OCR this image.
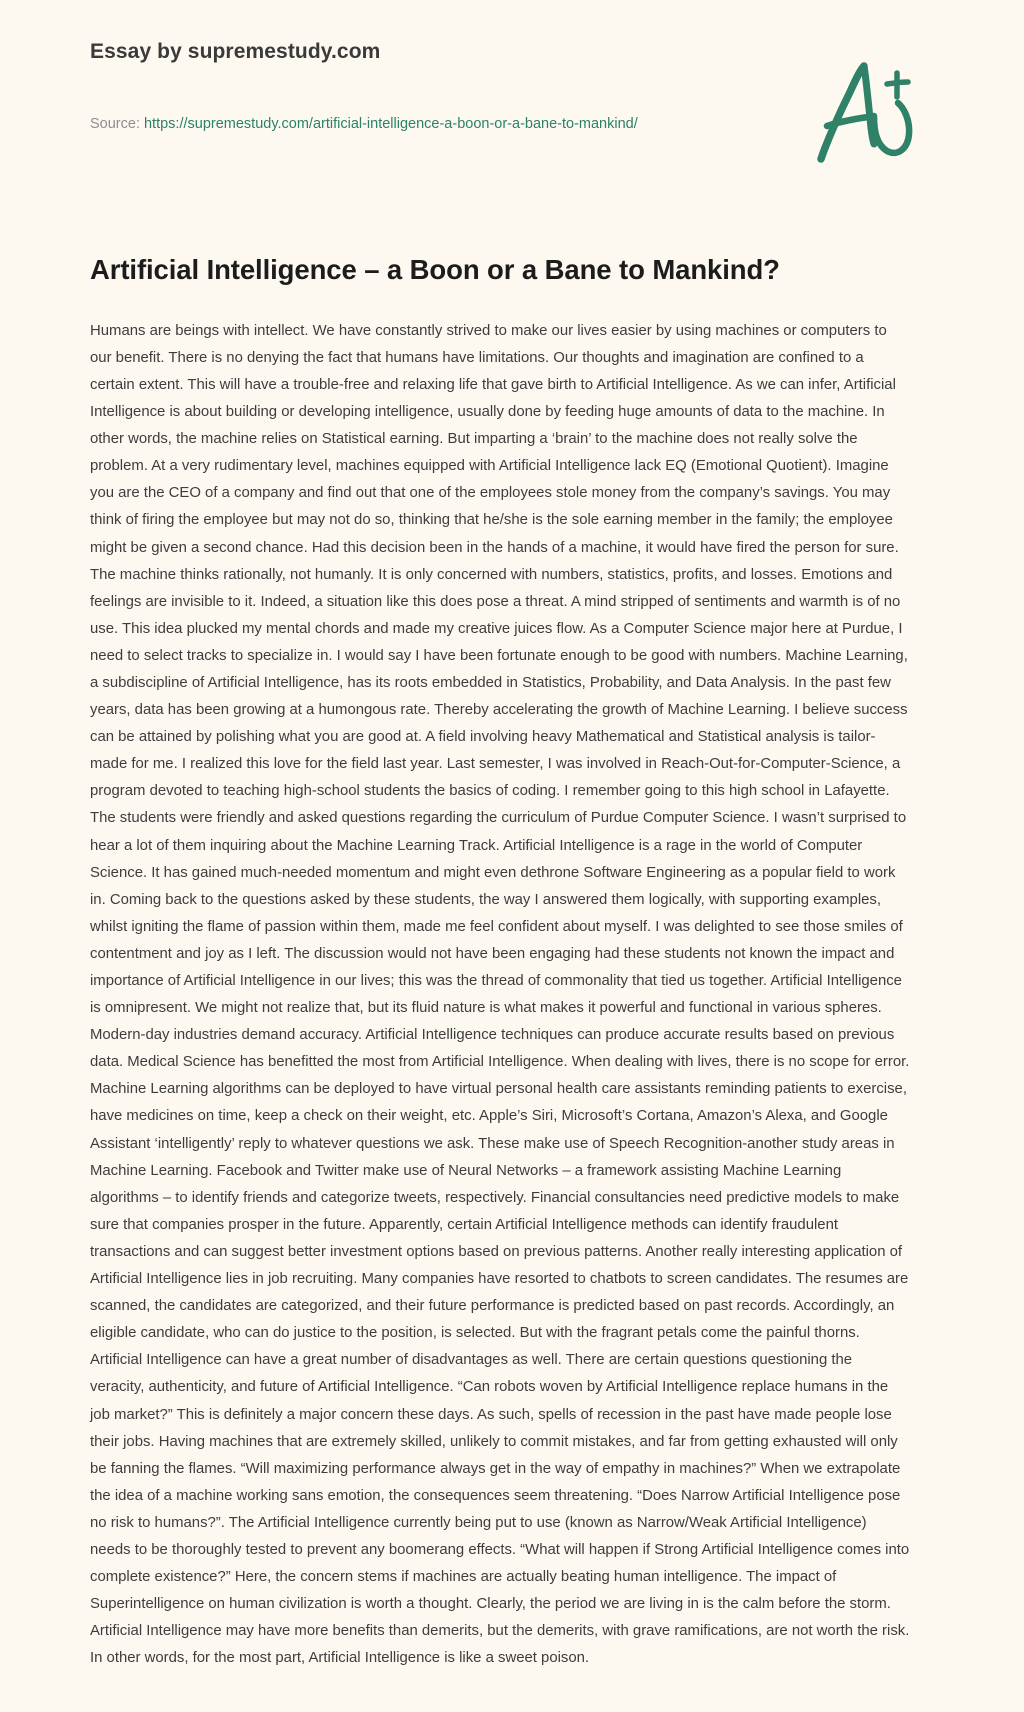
Essay by supremestudy.com
Source: https://supremestudy.com/artificial-intelligence-a-boon-or-a-bane-to-mankind/
Artificial Intelligence – a Boon or a Bane to Mankind?

Humans are beings with intellect. We have constantly strived to make our lives easier by using machines or computers to our benefit. There is no denying the fact that humans have limitations. Our thoughts and imagination are confined to a certain extent. This will have a trouble-free and relaxing life that gave birth to Artificial Intelligence. As we can infer, Artificial Intelligence is about building or developing intelligence, usually done by feeding huge amounts of data to the machine. In other words, the machine relies on Statistical earning. But imparting a ‘brain’ to the machine does not really solve the problem. At a very rudimentary level, machines equipped with Artificial Intelligence lack EQ (Emotional Quotient). Imagine you are the CEO of a company and find out that one of the employees stole money from the company’s savings. You may think of firing the employee but may not do so, thinking that he/she is the sole earning member in the family; the employee might be given a second chance. Had this decision been in the hands of a machine, it would have fired the person for sure. The machine thinks rationally, not humanly. It is only concerned with numbers, statistics, profits, and losses. Emotions and feelings are invisible to it. Indeed, a situation like this does pose a threat. A mind stripped of sentiments and warmth is of no use. This idea plucked my mental chords and made my creative juices flow. As a Computer Science major here at Purdue, I need to select tracks to specialize in. I would say I have been fortunate enough to be good with numbers. Machine Learning, a subdiscipline of Artificial Intelligence, has its roots embedded in Statistics, Probability, and Data Analysis. In the past few years, data has been growing at a humongous rate. Thereby accelerating the growth of Machine Learning. I believe success can be attained by polishing what you are good at. A field involving heavy Mathematical and Statistical analysis is tailor-made for me. I realized this love for the field last year. Last semester, I was involved in Reach-Out-for-Computer-Science, a program devoted to teaching high-school students the basics of coding. I remember going to this high school in Lafayette. The students were friendly and asked questions regarding the curriculum of Purdue Computer Science. I wasn’t surprised to hear a lot of them inquiring about the Machine Learning Track. Artificial Intelligence is a rage in the world of Computer Science. It has gained much-needed momentum and might even dethrone Software Engineering as a popular field to work in. Coming back to the questions asked by these students, the way I answered them logically, with supporting examples, whilst igniting the flame of passion within them, made me feel confident about myself. I was delighted to see those smiles of contentment and joy as I left. The discussion would not have been engaging had these students not known the impact and importance of Artificial Intelligence in our lives; this was the thread of commonality that tied us together. Artificial Intelligence is omnipresent. We might not realize that, but its fluid nature is what makes it powerful and functional in various spheres. Modern-day industries demand accuracy. Artificial Intelligence techniques can produce accurate results based on previous data. Medical Science has benefitted the most from Artificial Intelligence. When dealing with lives, there is no scope for error. Machine Learning algorithms can be deployed to have virtual personal health care assistants reminding patients to exercise, have medicines on time, keep a check on their weight, etc. Apple’s Siri, Microsoft’s Cortana, Amazon’s Alexa, and Google Assistant ‘intelligently’ reply to whatever questions we ask. These make use of Speech Recognition-another study areas in Machine Learning. Facebook and Twitter make use of Neural Networks – a framework assisting Machine Learning algorithms – to identify friends and categorize tweets, respectively. Financial consultancies need predictive models to make sure that companies prosper in the future. Apparently, certain Artificial Intelligence methods can identify fraudulent transactions and can suggest better investment options based on previous patterns. Another really interesting application of Artificial Intelligence lies in job recruiting. Many companies have resorted to chatbots to screen candidates. The resumes are scanned, the candidates are categorized, and their future performance is predicted based on past records. Accordingly, an eligible candidate, who can do justice to the position, is selected. But with the fragrant petals come the painful thorns. Artificial Intelligence can have a great number of disadvantages as well. There are certain questions questioning the veracity, authenticity, and future of Artificial Intelligence. “Can robots woven by Artificial Intelligence replace humans in the job market?” This is definitely a major concern these days. As such, spells of recession in the past have made people lose their jobs. Having machines that are extremely skilled, unlikely to commit mistakes, and far from getting exhausted will only be fanning the flames. “Will maximizing performance always get in the way of empathy in machines?” When we extrapolate the idea of a machine working sans emotion, the consequences seem threatening. “Does Narrow Artificial Intelligence pose no risk to humans?”. The Artificial Intelligence currently being put to use (known as Narrow/Weak Artificial Intelligence) needs to be thoroughly tested to prevent any boomerang effects. “What will happen if Strong Artificial Intelligence comes into complete existence?” Here, the concern stems if machines are actually beating human intelligence. The impact of Superintelligence on human civilization is worth a thought. Clearly, the period we are living in is the calm before the storm. Artificial Intelligence may have more benefits than demerits, but the demerits, with grave ramifications, are not worth the risk. In other words, for the most part, Artificial Intelligence is like a sweet poison.
